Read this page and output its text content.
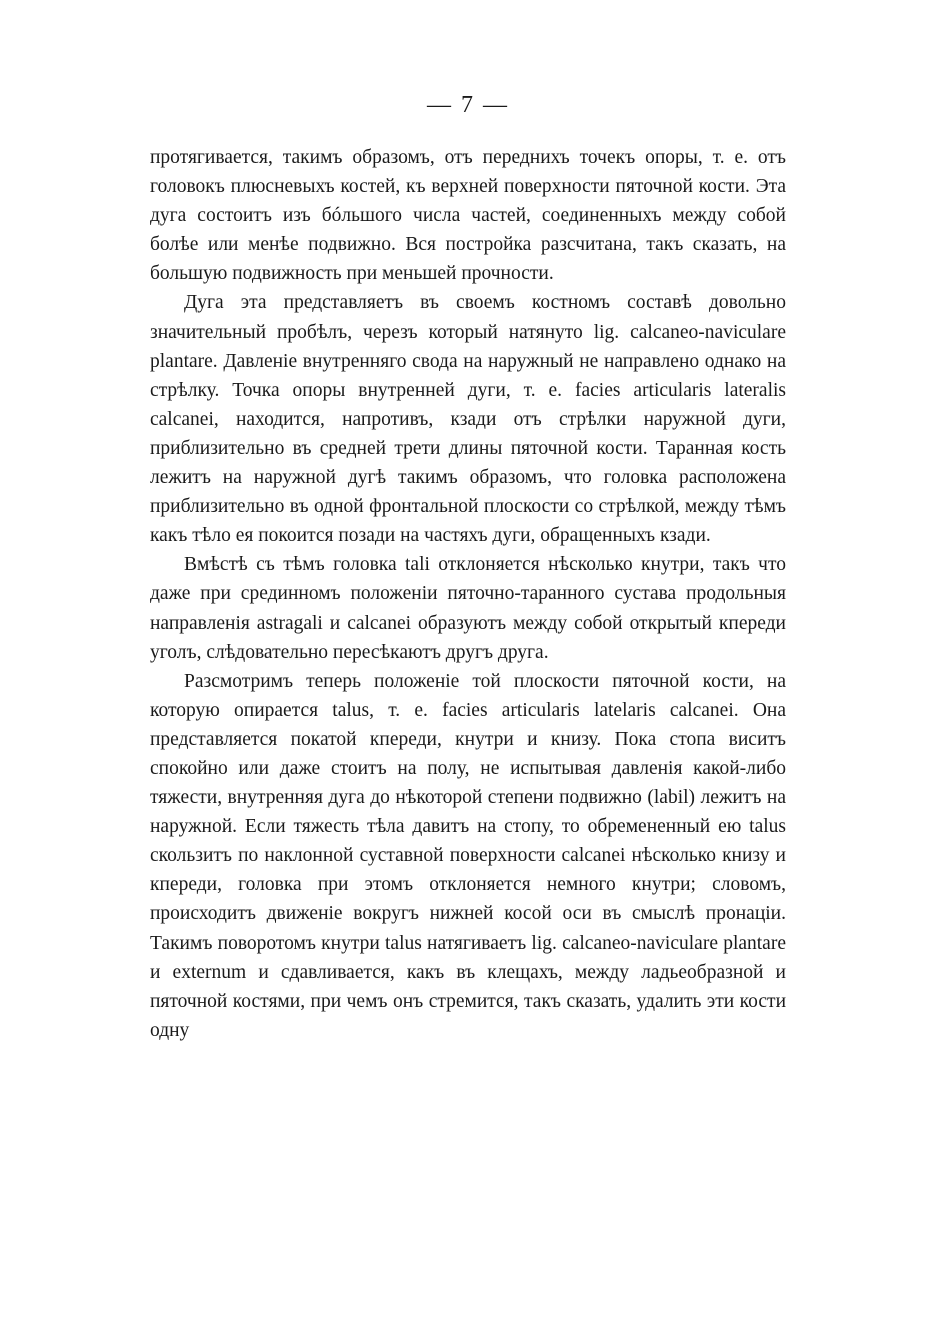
— 7 —

протягивается, такимъ образомъ, отъ переднихъ точекъ опоры, т. е. отъ головокъ плюсневыхъ костей, къ верхней поверхности пяточной кости. Эта дуга состоитъ изъ бóльшого числа частей, соединенныхъ между собой болѣе или менѣе подвижно. Вся постройка разсчитана, такъ сказать, на большую подвижность при меньшей прочности.

Дуга эта представляетъ въ своемъ костномъ составѣ довольно значительный пробѣлъ, черезъ который натянуто lig. calcaneo-naviculare plantare. Давленіе внутренняго свода на наружный не направлено однако на стрѣлку. Точка опоры внутренней дуги, т. е. facies articularis lateralis calcanei, находится, напротивъ, кзади отъ стрѣлки наружной дуги, приблизительно въ средней трети длины пяточной кости. Таранная кость лежитъ на наружной дугѣ такимъ образомъ, что головка расположена приблизительно въ одной фронтальной плоскости со стрѣлкой, между тѣмъ какъ тѣло ея покоится позади на частяхъ дуги, обращенныхъ кзади.

Вмѣстѣ съ тѣмъ головка tali отклоняется нѣсколько кнутри, такъ что даже при срединномъ положеніи пяточно-таранного сустава продольныя направленія astragali и calcanei образуютъ между собой открытый кпереди уголъ, слѣдовательно пересѣкаютъ другъ друга.

Разсмотримъ теперь положеніе той плоскости пяточной кости, на которую опирается talus, т. е. facies articularis latelaris calcanei. Она представляется покатой кпереди, кнутри и книзу. Пока стопа виситъ спокойно или даже стоитъ на полу, не испытывая давленія какой-либо тяжести, внутренняя дуга до нѣкоторой степени подвижно (labil) лежитъ на наружной. Если тяжесть тѣла давитъ на стопу, то обремененный ею talus скользитъ по наклонной суставной поверхности calcanei нѣсколько книзу и кпереди, головка при этомъ отклоняется немного кнутри; словомъ, происходитъ движеніе вокругъ нижней косой оси въ смыслѣ пронаціи. Такимъ поворотомъ кнутри talus натягиваетъ lig. calcaneo-naviculare plantare и externum и сдавливается, какъ въ клещахъ, между ладьеобразной и пяточной костями, при чемъ онъ стремится, такъ сказать, удалить эти кости одну
